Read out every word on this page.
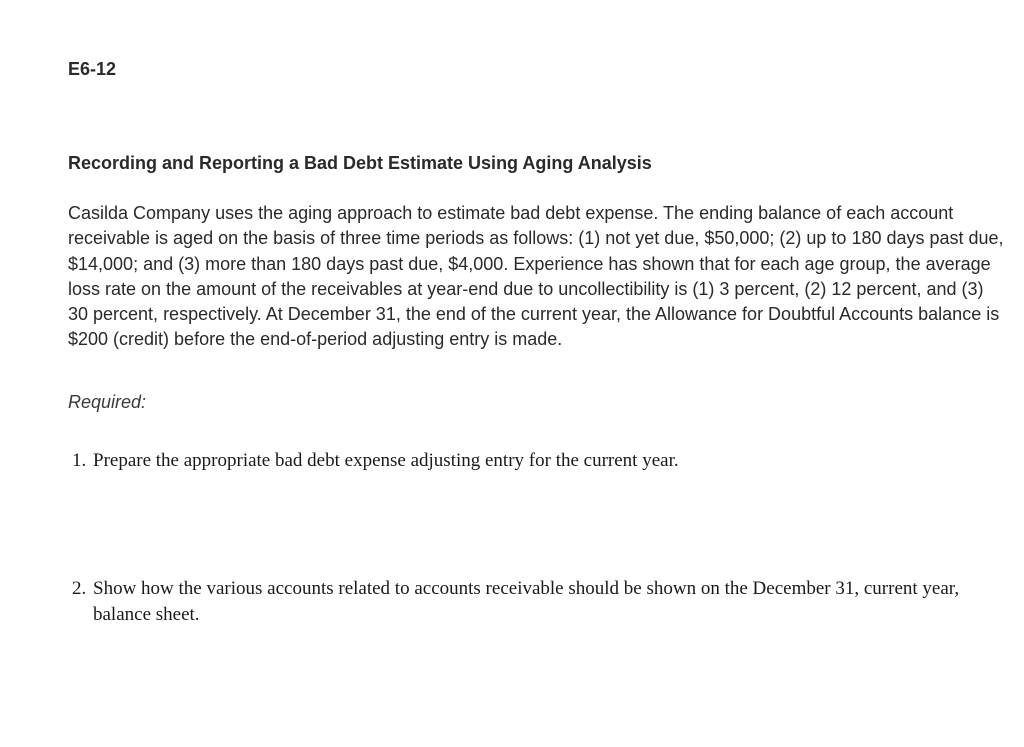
E6-12
Recording and Reporting a Bad Debt Estimate Using Aging Analysis

Casilda Company uses the aging approach to estimate bad debt expense. The ending balance of each account receivable is aged on the basis of three time periods as follows: (1) not yet due, $50,000; (2) up to 180 days past due, $14,000; and (3) more than 180 days past due, $4,000. Experience has shown that for each age group, the average loss rate on the amount of the receivables at year-end due to uncollectibility is (1) 3 percent, (2) 12 percent, and (3) 30 percent, respectively. At December 31, the end of the current year, the Allowance for Doubtful Accounts balance is $200 (credit) before the end-of-period adjusting entry is made.

Required:
1. Prepare the appropriate bad debt expense adjusting entry for the current year.
2. Show how the various accounts related to accounts receivable should be shown on the December 31, current year, balance sheet.
